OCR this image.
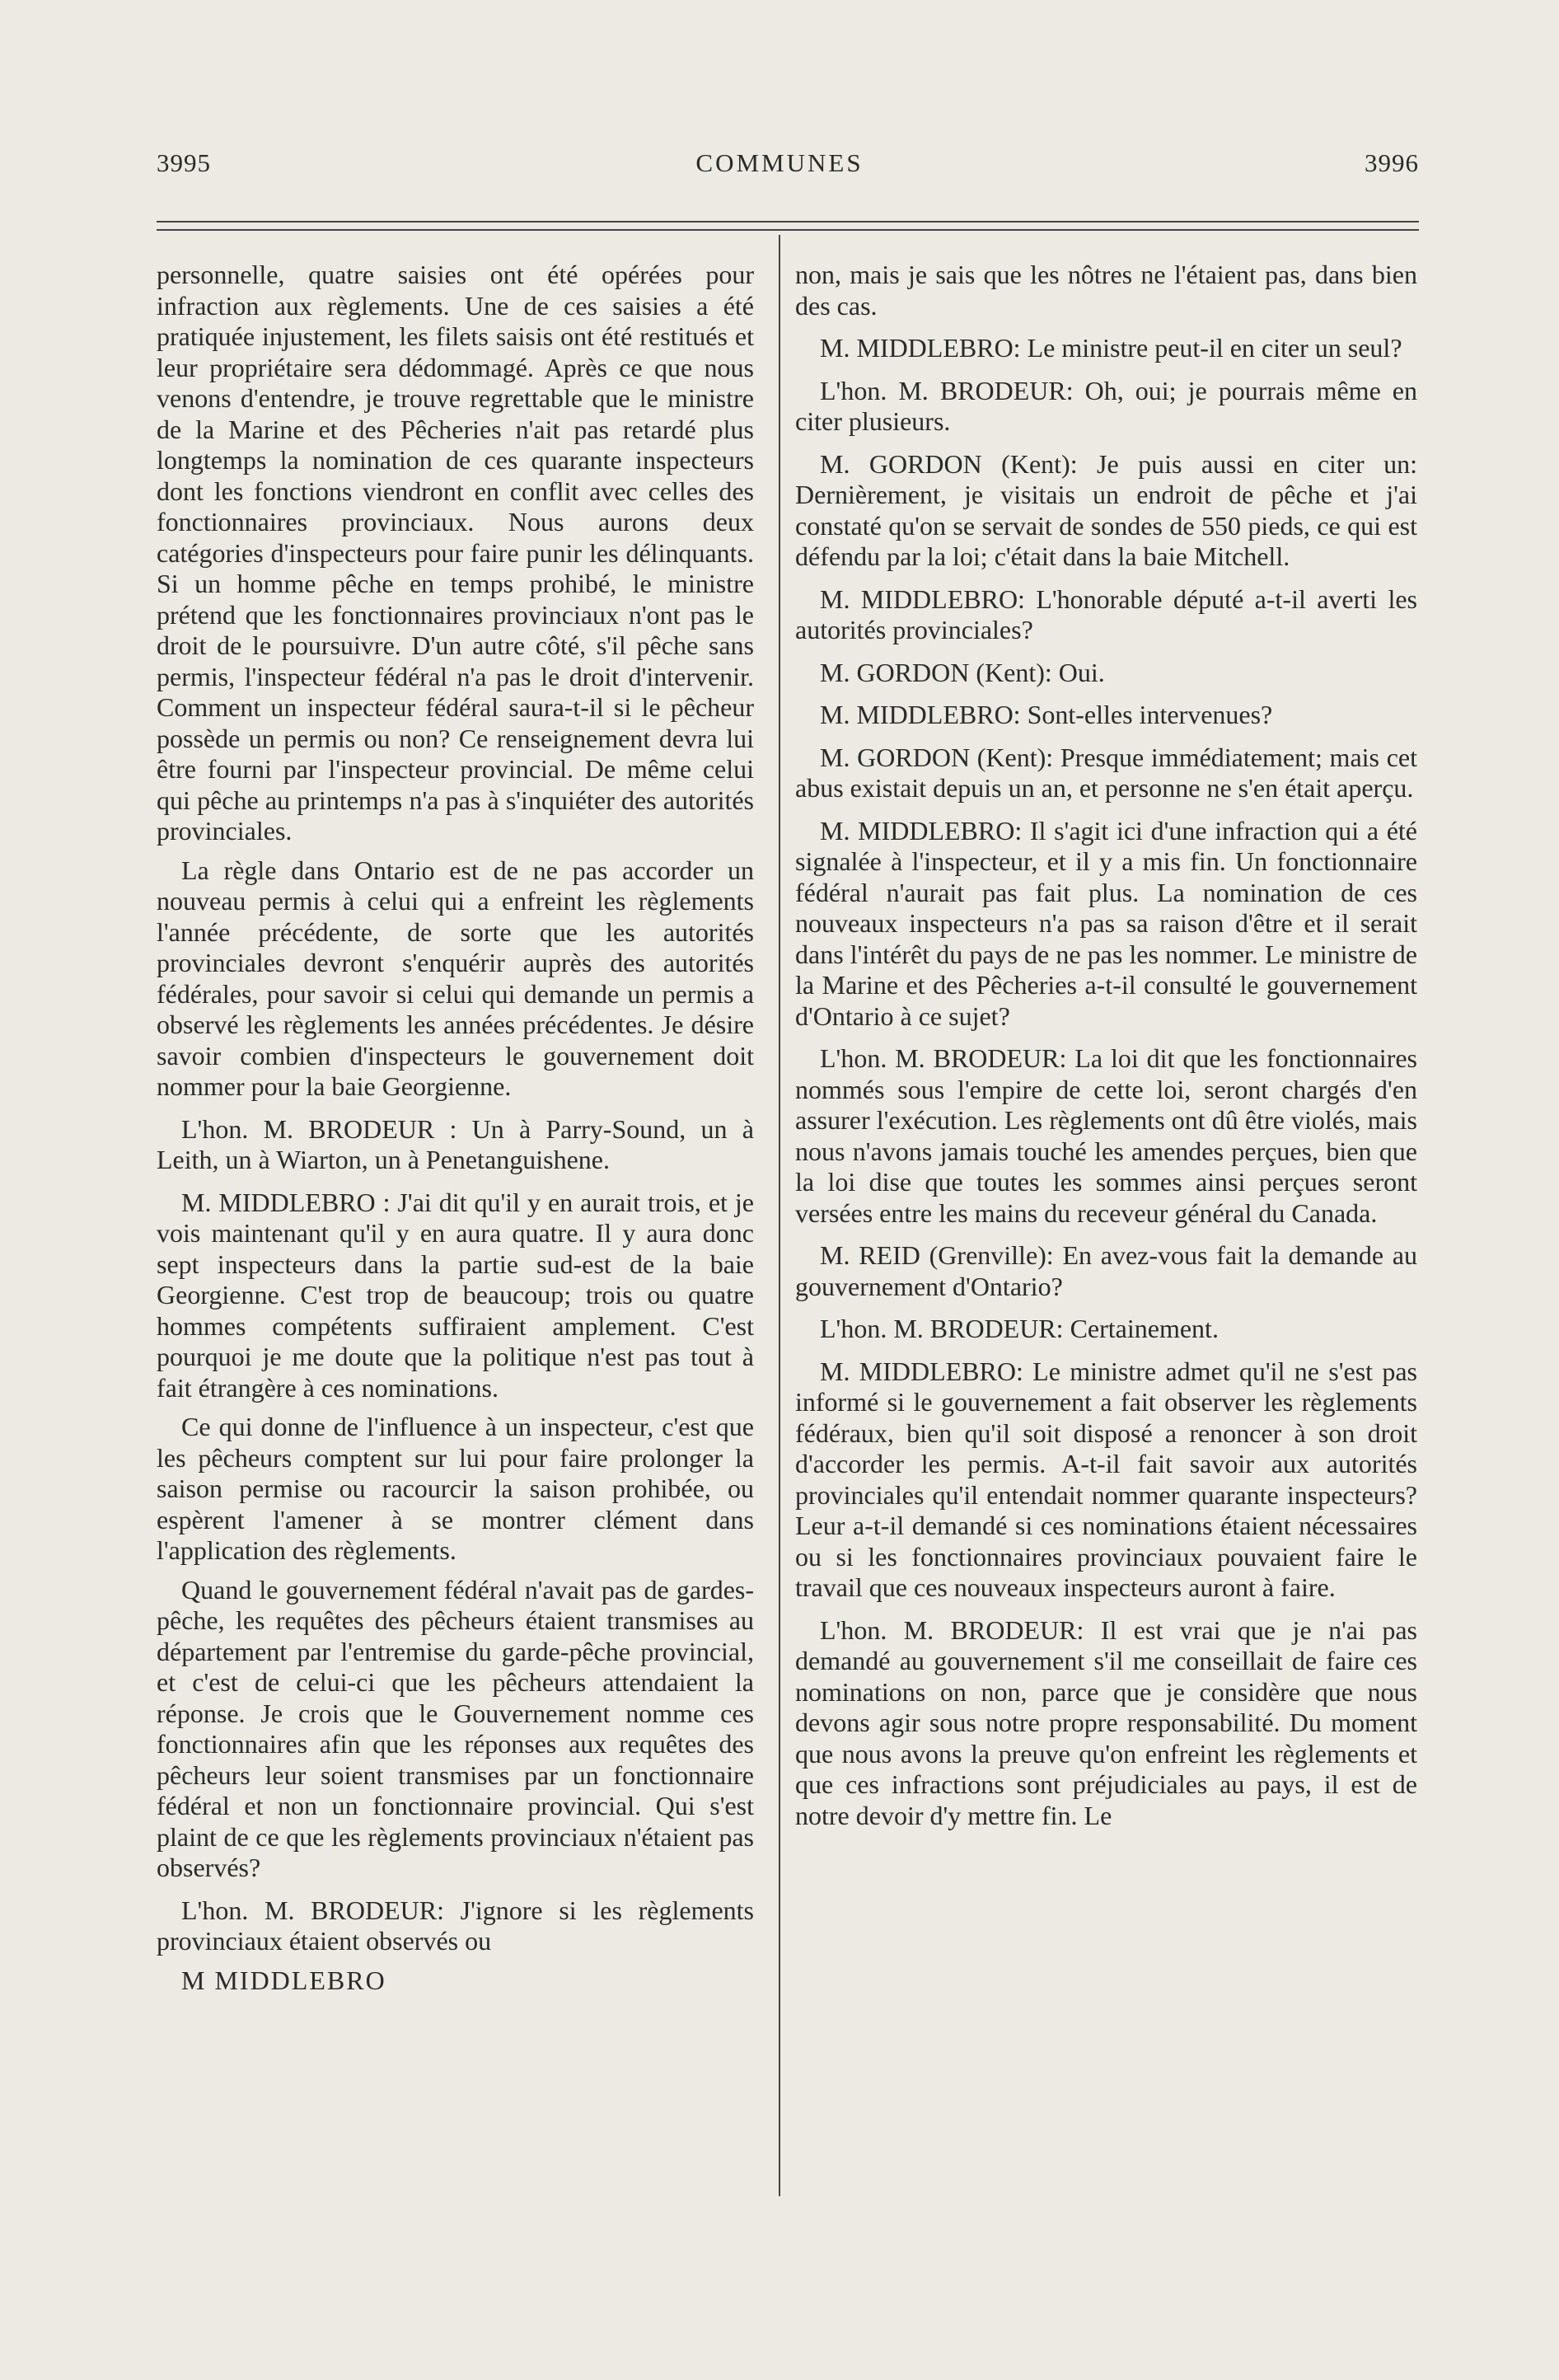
COMMUNES
3995	3996

personnelle, quatre saisies ont été opérées pour infraction aux règlements. Une de ces saisies a été pratiquée injustement, les filets saisis ont été restitués et leur propriétaire sera dédommagé. Après ce que nous venons d'entendre, je trouve regrettable que le ministre de la Marine et des Pêcheries n'ait pas retardé plus longtemps la nomination de ces quarante inspecteurs dont les fonctions viendront en conflit avec celles des fonctionnaires provinciaux. Nous aurons deux catégories d'inspecteurs pour faire punir les délinquants. Si un homme pêche en temps prohibé, le ministre prétend que les fonctionnaires provinciaux n'ont pas le droit de le poursuivre. D'un autre côté, s'il pêche sans permis, l'inspecteur fédéral n'a pas le droit d'intervenir. Comment un inspecteur fédéral saura-t-il si le pêcheur possède un permis ou non? Ce renseignement devra lui être fourni par l'inspecteur provincial. De même celui qui pêche au printemps n'a pas à s'inquiéter des autorités provinciales.

La règle dans Ontario est de ne pas accorder un nouveau permis à celui qui a enfreint les règlements l'année précédente, de sorte que les autorités provinciales devront s'enquérir auprès des autorités fédérales, pour savoir si celui qui demande un permis a observé les règlements les années précédentes. Je désire savoir combien d'inspecteurs le gouvernement doit nommer pour la baie Georgienne.

L'hon. M. BRODEUR : Un à Parry-Sound, un à Leith, un à Wiarton, un à Penetanguishene.

M. MIDDLEBRO : J'ai dit qu'il y en aurait trois, et je vois maintenant qu'il y en aura quatre. Il y aura donc sept inspecteurs dans la partie sud-est de la baie Georgienne. C'est trop de beaucoup; trois ou quatre hommes compétents suffiraient amplement. C'est pourquoi je me doute que la politique n'est pas tout à fait étrangère à ces nominations.

Ce qui donne de l'influence à un inspecteur, c'est que les pêcheurs comptent sur lui pour faire prolonger la saison permise ou racourcir la saison prohibée, ou espèrent l'amener à se montrer clément dans l'application des règlements.

Quand le gouvernement fédéral n'avait pas de gardes-pêche, les requêtes des pêcheurs étaient transmises au département par l'entremise du garde-pêche provincial, et c'est de celui-ci que les pêcheurs attendaient la réponse. Je crois que le Gouvernement nomme ces fonctionnaires afin que les réponses aux requêtes des pêcheurs leur soient transmises par un fonctionnaire fédéral et non un fonctionnaire provincial. Qui s'est plaint de ce que les règlements provinciaux n'étaient pas observés?

L'hon. M. BRODEUR: J'ignore si les règlements provinciaux étaient observés ou

M MIDDLEBRO

non, mais je sais que les nôtres ne l'étaient pas, dans bien des cas.

M. MIDDLEBRO: Le ministre peut-il en citer un seul?

L'hon. M. BRODEUR: Oh, oui; je pourrais même en citer plusieurs.

M. GORDON (Kent): Je puis aussi en citer un: Dernièrement, je visitais un endroit de pêche et j'ai constaté qu'on se servait de sondes de 550 pieds, ce qui est défendu par la loi; c'était dans la baie Mitchell.

M. MIDDLEBRO: L'honorable député a-t-il averti les autorités provinciales?

M. GORDON (Kent): Oui.

M. MIDDLEBRO: Sont-elles intervenues?

M. GORDON (Kent): Presque immédiatement; mais cet abus existait depuis un an, et personne ne s'en était aperçu.

M. MIDDLEBRO: Il s'agit ici d'une infraction qui a été signalée à l'inspecteur, et il y a mis fin. Un fonctionnaire fédéral n'aurait pas fait plus. La nomination de ces nouveaux inspecteurs n'a pas sa raison d'être et il serait dans l'intérêt du pays de ne pas les nommer. Le ministre de la Marine et des Pêcheries a-t-il consulté le gouvernement d'Ontario à ce sujet?

L'hon. M. BRODEUR: La loi dit que les fonctionnaires nommés sous l'empire de cette loi, seront chargés d'en assurer l'exécution. Les règlements ont dû être violés, mais nous n'avons jamais touché les amendes perçues, bien que la loi dise que toutes les sommes ainsi perçues seront versées entre les mains du receveur général du Canada.

M. REID (Grenville): En avez-vous fait la demande au gouvernement d'Ontario?

L'hon. M. BRODEUR: Certainement.

M. MIDDLEBRO: Le ministre admet qu'il ne s'est pas informé si le gouvernement a fait observer les règlements fédéraux, bien qu'il soit disposé a renoncer à son droit d'accorder les permis. A-t-il fait savoir aux autorités provinciales qu'il entendait nommer quarante inspecteurs? Leur a-t-il demandé si ces nominations étaient nécessaires ou si les fonctionnaires provinciaux pouvaient faire le travail que ces nouveaux inspecteurs auront à faire.

L'hon. M. BRODEUR: Il est vrai que je n'ai pas demandé au gouvernement s'il me conseillait de faire ces nominations on non, parce que je considère que nous devons agir sous notre propre responsabilité. Du moment que nous avons la preuve qu'on enfreint les règlements et que ces infractions sont préjudiciales au pays, il est de notre devoir d'y mettre fin. Le
